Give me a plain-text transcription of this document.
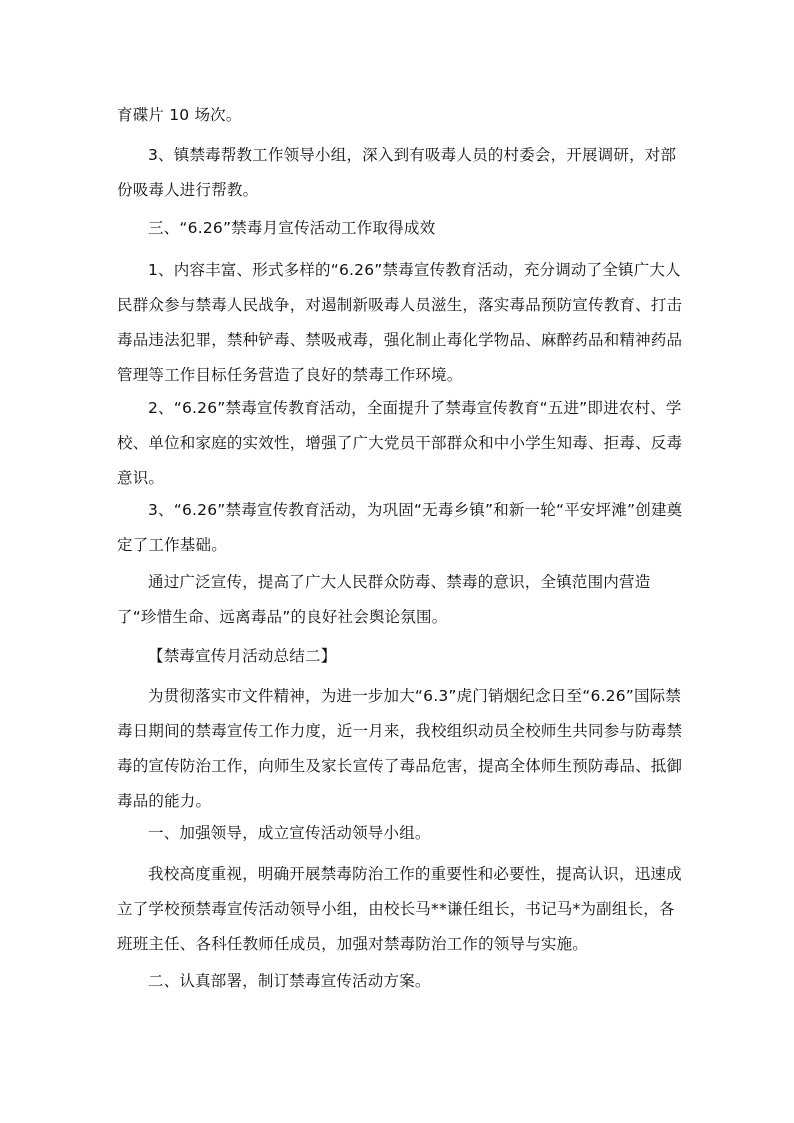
育碟片 10 场次。

3、镇禁毒帮教工作领导小组，深入到有吸毒人员的村委会，开展调研，对部份吸毒人进行帮教。

三、“6.26”禁毒月宣传活动工作取得成效

1、内容丰富、形式多样的“6.26”禁毒宣传教育活动，充分调动了全镇广大人民群众参与禁毒人民战争，对遏制新吸毒人员滋生，落实毒品预防宣传教育、打击毒品违法犯罪，禁种铲毒、禁吸戒毒，强化制止毒化学物品、麻醉药品和精神药品管理等工作目标任务营造了良好的禁毒工作环境。

2、“6.26”禁毒宣传教育活动，全面提升了禁毒宣传教育“五进”即进农村、学校、单位和家庭的实效性，增强了广大党员干部群众和中小学生知毒、拒毒、反毒意识。

3、“6.26”禁毒宣传教育活动，为巩固“无毒乡镇”和新一轮“平安坪滩”创建奠定了工作基础。

通过广泛宣传，提高了广大人民群众防毒、禁毒的意识，全镇范围内营造了“珍惜生命、远离毒品”的良好社会舆论氛围。

【禁毒宣传月活动总结二】

为贯彻落实市文件精神，为进一步加大“6.3”虎门销烟纪念日至“6.26”国际禁毒日期间的禁毒宣传工作力度，近一月来，我校组织动员全校师生共同参与防毒禁毒的宣传防治工作，向师生及家长宣传了毒品危害，提高全体师生预防毒品、抵御毒品的能力。

一、加强领导，成立宣传活动领导小组。

我校高度重视，明确开展禁毒防治工作的重要性和必要性，提高认识，迅速成立了学校预禁毒宣传活动领导小组，由校长马**谦任组长，书记马*为副组长，各班班主任、各科任教师任成员，加强对禁毒防治工作的领导与实施。

二、认真部署，制订禁毒宣传活动方案。
